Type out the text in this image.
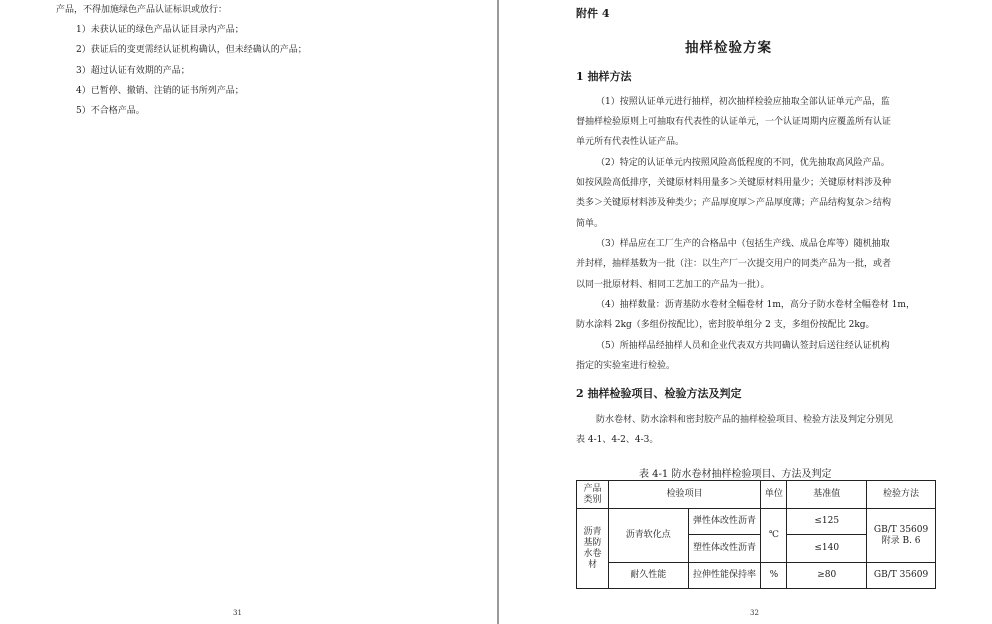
产品，不得加施绿色产品认证标识或放行：
1）未获认证的绿色产品认证目录内产品；
2）获证后的变更需经认证机构确认，但未经确认的产品；
3）超过认证有效期的产品；
4）已暂停、撤销、注销的证书所列产品；
5）不合格产品。
31
附件 4
抽样检验方案
1 抽样方法
（1）按照认证单元进行抽样，初次抽样检验应抽取全部认证单元产品，监
督抽样检验原则上可抽取有代表性的认证单元，一个认证周期内应覆盖所有认证
单元所有代表性认证产品。
（2）特定的认证单元内按照风险高低程度的不同，优先抽取高风险产品。
如按风险高低排序，关键原材料用量多＞关键原材料用量少；关键原材料涉及种
类多＞关键原材料涉及种类少；产品厚度厚＞产品厚度薄；产品结构复杂＞结构
简单。
（3）样品应在工厂生产的合格品中（包括生产线、成品仓库等）随机抽取
并封样，抽样基数为一批（注：以生产厂一次提交用户的同类产品为一批，或者
以同一批原材料、相同工艺加工的产品为一批）。
（4）抽样数量：沥青基防水卷材全幅卷材 1m，高分子防水卷材全幅卷材 1m，
防水涂料 2kg（多组份按配比），密封胶单组分 2 支，多组份按配比 2kg。
（5）所抽样品经抽样人员和企业代表双方共同确认签封后送往经认证机构
指定的实验室进行检验。
2 抽样检验项目、检验方法及判定
防水卷材、防水涂料和密封胶产品的抽样检验项目、检验方法及判定分别见
表 4-1、4-2、4-3。
表 4-1 防水卷材抽样检验项目、方法及判定
32
产品类别	检验项目		单位	基准值	检验方法
沥青基防水卷材	沥青软化点	弹性体改性沥青	℃	≤125	GB/T 35609
附录 B. 6
		塑性体改性沥青		≤140	
	耐久性能	拉伸性能保持率	%	≥80	GB/T 35609
